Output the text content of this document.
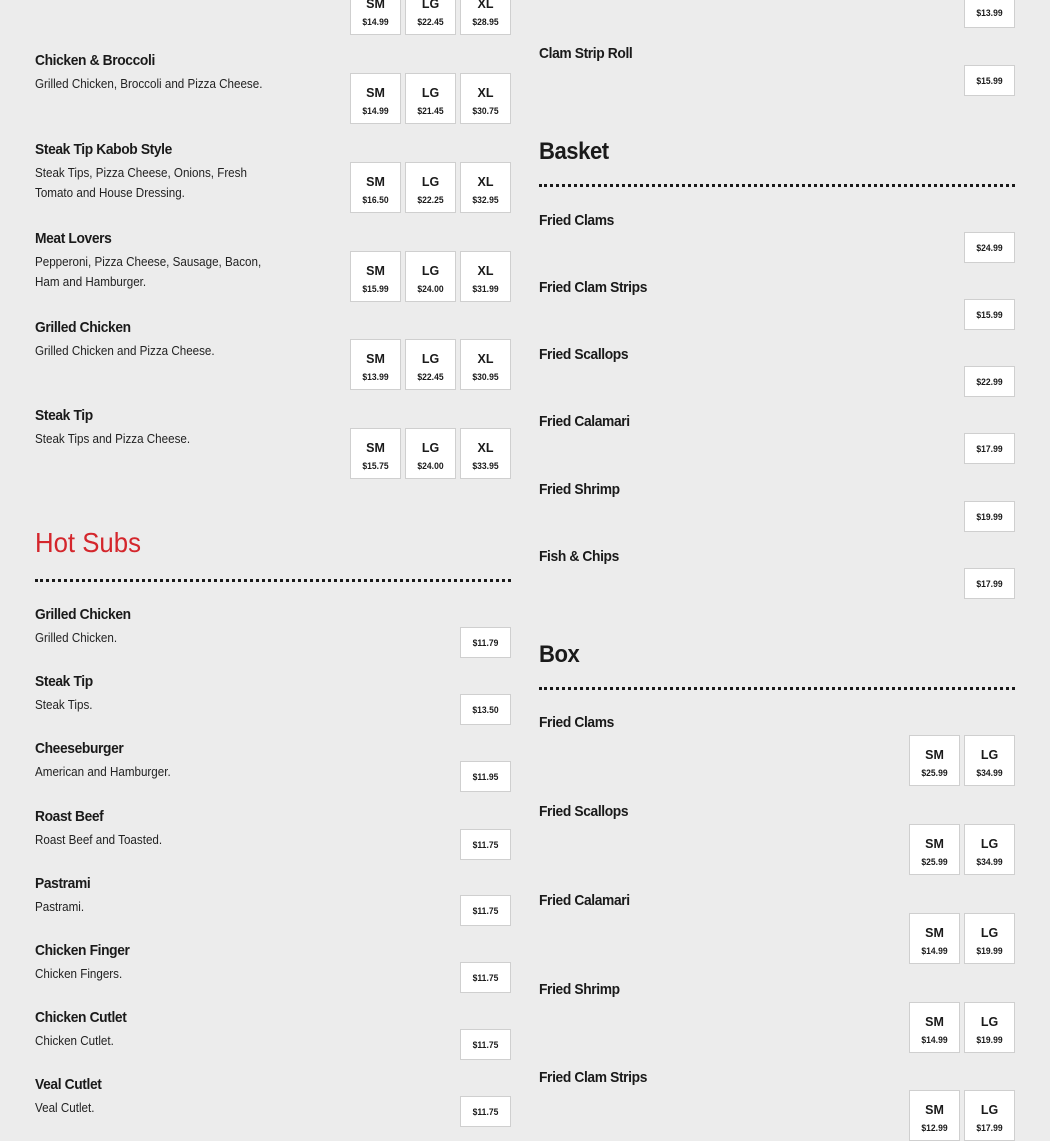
SM
$14.99
LG
$22.45
XL
$28.95
Chicken & Broccoli
Grilled Chicken, Broccoli and Pizza Cheese.
SM
$14.99
LG
$21.45
XL
$30.75
Steak Tip Kabob Style
Steak Tips, Pizza Cheese, Onions, Fresh Tomato and House Dressing.
SM
$16.50
LG
$22.25
XL
$32.95
Meat Lovers
Pepperoni, Pizza Cheese, Sausage, Bacon, Ham and Hamburger.
SM
$15.99
LG
$24.00
XL
$31.99
Grilled Chicken
Grilled Chicken and Pizza Cheese.
SM
$13.99
LG
$22.45
XL
$30.95
Steak Tip
Steak Tips and Pizza Cheese.
SM
$15.75
LG
$24.00
XL
$33.95
Hot Subs
Grilled Chicken
Grilled Chicken.	$11.79
Steak Tip
Steak Tips.	$13.50
Cheeseburger
American and Hamburger.	$11.95
Roast Beef
Roast Beef and Toasted.	$11.75
Pastrami
Pastrami.	$11.75
Chicken Finger
Chicken Fingers.	$11.75
Chicken Cutlet
Chicken Cutlet.	$11.75
Veal Cutlet
Veal Cutlet.	$11.75
$13.99
Clam Strip Roll
$15.99
Basket
Fried Clams
$24.99
Fried Clam Strips
$15.99
Fried Scallops
$22.99
Fried Calamari
$17.99
Fried Shrimp
$19.99
Fish & Chips
$17.99
Box
Fried Clams
SM
$25.99
LG
$34.99
Fried Scallops
SM
$25.99
LG
$34.99
Fried Calamari
SM
$14.99
LG
$19.99
Fried Shrimp
SM
$14.99
LG
$19.99
Fried Clam Strips
SM
$12.99
LG
$17.99
